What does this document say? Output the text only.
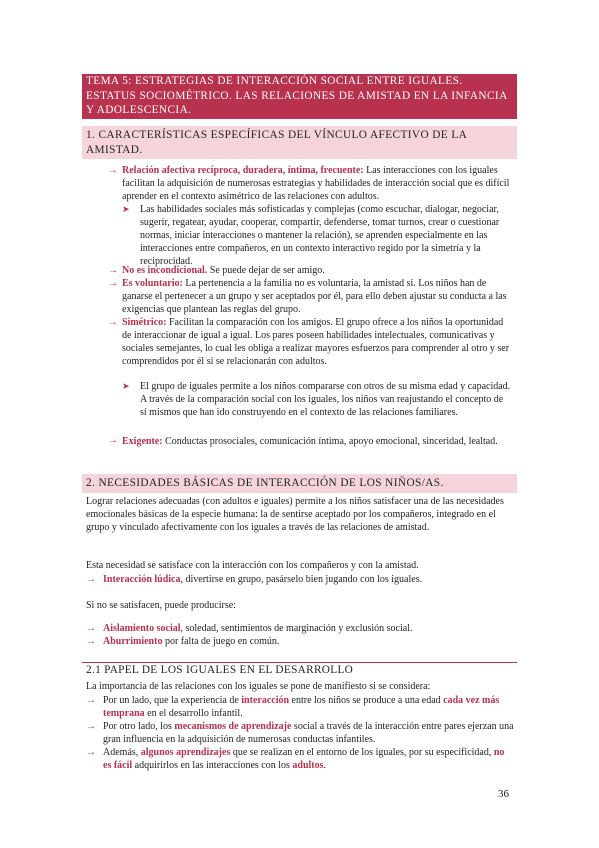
TEMA 5: ESTRATEGIAS DE INTERACCIÓN SOCIAL ENTRE IGUALES. ESTATUS SOCIOMÉTRICO. LAS RELACIONES DE AMISTAD EN LA INFANCIA Y ADOLESCENCIA.
1. CARACTERÍSTICAS ESPECÍFICAS DEL VÍNCULO AFECTIVO DE LA AMISTAD.
→ Relación afectiva recíproca, duradera, íntima, frecuente: Las interacciones con los iguales facilitan la adquisición de numerosas estrategias y habilidades de interacción social que es difícil aprender en el contexto asimétrico de las relaciones con adultos.
➤ Las habilidades sociales más sofisticadas y complejas (como escuchar, dialogar, negociar, sugerir, regatear, ayudar, cooperar, compartir, defenderse, tomar turnos, crear o cuestionar normas, iniciar interacciones o mantener la relación), se aprenden especialmente en las interacciones entre compañeros, en un contexto interactivo regido por la simetría y la reciprocidad.
→ No es incondicional. Se puede dejar de ser amigo.
→ Es voluntario: La pertenencia a la familia no es voluntaria, la amistad sí. Los niños han de ganarse el pertenecer a un grupo y ser aceptados por él, para ello deben ajustar su conducta a las exigencias que plantean las reglas del grupo.
→ Simétrico: Facilitan la comparación con los amigos. El grupo ofrece a los niños la oportunidad de interaccionar de igual a igual. Los pares poseen habilidades intelectuales, comunicativas y sociales semejantes, lo cual les obliga a realizar mayores esfuerzos para comprender al otro y ser comprendidos por él si se relacionarán con adultos.
➤ El grupo de iguales permite a los niños compararse con otros de su misma edad y capacidad. A través de la comparación social con los iguales, los niños van reajustando el concepto de sí mismos que han ido construyendo en el contexto de las relaciones familiares.
→ Exigente: Conductas prosociales, comunicación íntima, apoyo emocional, sinceridad, lealtad.
2. NECESIDADES BÁSICAS DE INTERACCIÓN DE LOS NIÑOS/AS.
Lograr relaciones adecuadas (con adultos e iguales) permite a los niños satisfacer una de las necesidades emocionales básicas de la especie humana: la de sentirse aceptado por los compañeros, integrado en el grupo y vinculado afectivamente con los iguales a través de las relaciones de amistad.
Esta necesidad se satisface con la interacción con los compañeros y con la amistad.
→ Interacción lúdica, divertirse en grupo, pasárselo bien jugando con los iguales.
Si no se satisfacen, puede producirse:
→ Aislamiento social, soledad, sentimientos de marginación y exclusión social.
→ Aburrimiento por falta de juego en común.
2.1 PAPEL DE LOS IGUALES EN EL DESARROLLO
La importancia de las relaciones con los iguales se pone de manifiesto si se considera:
→ Por un lado, que la experiencia de interacción entre los niños se produce a una edad cada vez más temprana en el desarrollo infantil.
→ Por otro lado, los mecanismos de aprendizaje social a través de la interacción entre pares ejerzan una gran influencia en la adquisición de numerosas conductas infantiles.
→ Además, algunos aprendizajes que se realizan en el entorno de los iguales, por su especificidad, no es fácil adquirirlos en las interacciones con los adultos.
36
